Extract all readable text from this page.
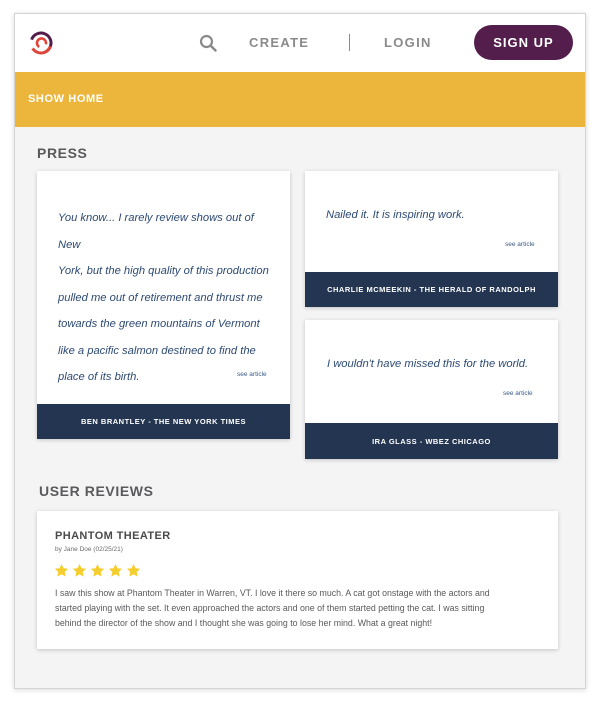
CREATE	LOGIN	SIGN UP
SHOW HOME
PRESS
You know... I rarely review shows out of New
York, but the high quality of this production
pulled me out of retirement and thrust me
towards the green mountains of Vermont
like a pacific salmon destined to find the
place of its birth.	see article
BEN BRANTLEY - THE NEW YORK TIMES
Nailed it. It is inspiring work.
see article
CHARLIE MCMEEKIN - THE HERALD OF RANDOLPH
I wouldn't have missed this for the world.
see article
IRA GLASS - WBEZ CHICAGO
USER REVIEWS
PHANTOM THEATER
by Jane Doe (02/25/21)
I saw this show at Phantom Theater in Warren, VT. I love it there so much. A cat got onstage with the actors and
started playing with the set. It even approached the actors and one of them started petting the cat. I was sitting
behind the director of the show and I thought she was going to lose her mind. What a great night!
